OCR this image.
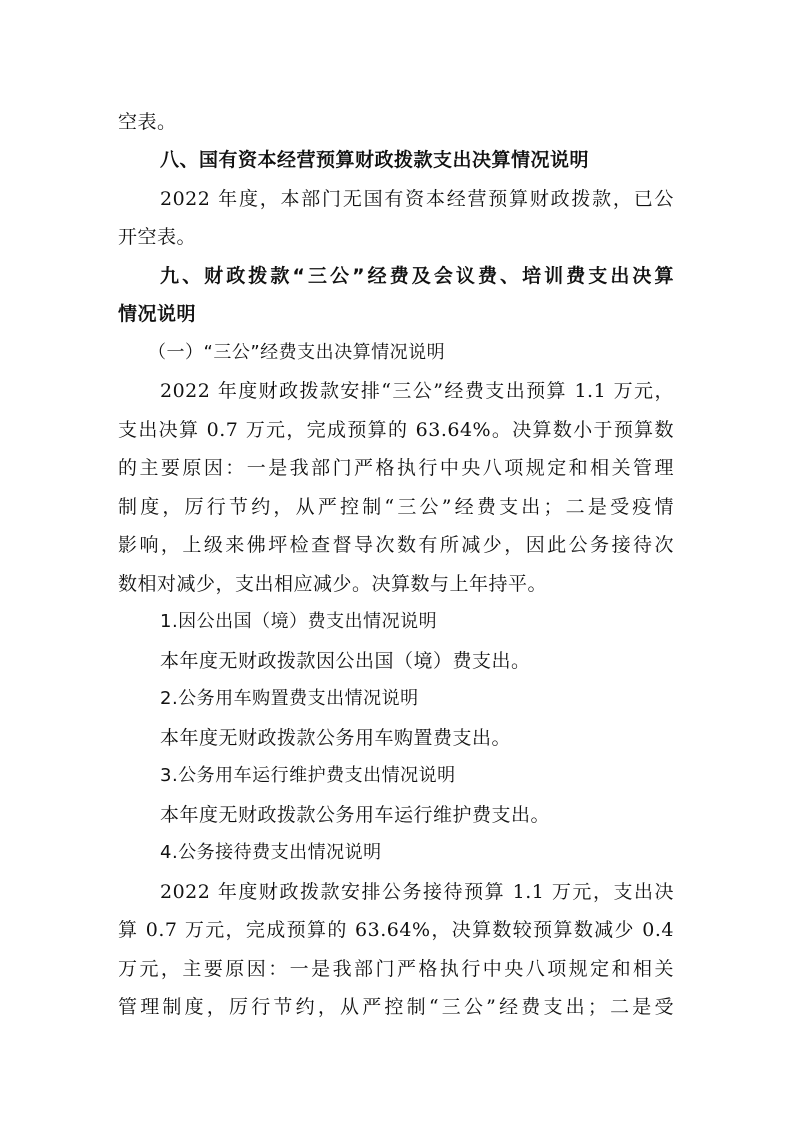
空表。
八、国有资本经营预算财政拨款支出决算情况说明
2022 年度，本部门无国有资本经营预算财政拨款，已公
开空表。
九、财政拨款“三公”经费及会议费、培训费支出决算
情况说明
（一）“三公”经费支出决算情况说明
2022 年度财政拨款安排“三公”经费支出预算 1.1 万元，
支出决算 0.7 万元，完成预算的 63.64%。决算数小于预算数
的主要原因：一是我部门严格执行中央八项规定和相关管理
制度，厉行节约，从严控制“三公”经费支出；二是受疫情
影响，上级来佛坪检查督导次数有所减少，因此公务接待次
数相对减少，支出相应减少。决算数与上年持平。
1.因公出国（境）费支出情况说明
本年度无财政拨款因公出国（境）费支出。
2.公务用车购置费支出情况说明
本年度无财政拨款公务用车购置费支出。
3.公务用车运行维护费支出情况说明
本年度无财政拨款公务用车运行维护费支出。
4.公务接待费支出情况说明
2022 年度财政拨款安排公务接待预算 1.1 万元，支出决
算 0.7 万元，完成预算的 63.64%，决算数较预算数减少 0.4
万元，主要原因：一是我部门严格执行中央八项规定和相关
管理制度，厉行节约，从严控制“三公”经费支出；二是受
